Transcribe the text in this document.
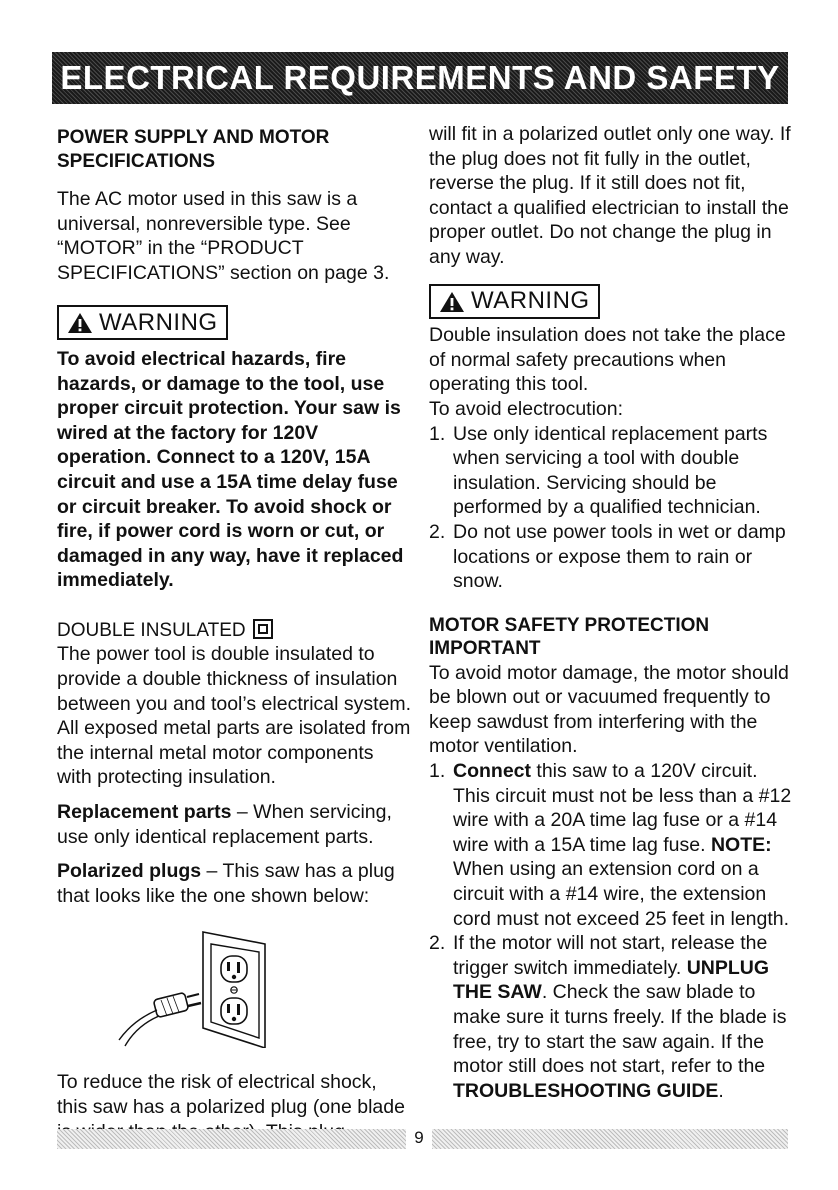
ELECTRICAL REQUIREMENTS AND SAFETY

POWER SUPPLY AND MOTOR SPECIFICATIONS

The AC motor used in this saw is a universal, nonreversible type. See “MOTOR” in the “PRODUCT SPECIFICATIONS” section on page 3.

WARNING

To avoid electrical hazards, fire hazards, or damage to the tool, use proper circuit protection. Your saw is wired at the factory for 120V operation. Connect to a 120V, 15A circuit and use a 15A time delay fuse or circuit breaker. To avoid shock or fire, if power cord is worn or cut, or damaged in any way, have it replaced immediately.

DOUBLE INSULATED

The power tool is double insulated to provide a double thickness of insulation between you and tool’s electrical system. All exposed metal parts are isolated from the internal metal motor components with protecting insulation.

Replacement parts – When servicing, use only identical replacement parts.

Polarized plugs – This saw has a plug that looks like the one shown below:

To reduce the risk of electrical shock, this saw has a polarized plug (one blade

will fit in a polarized outlet only one way. If the plug does not fit fully in the outlet, reverse the plug. If it still does not fit, contact a qualified electrician to install the proper outlet. Do not change the plug in any way.

WARNING

Double insulation does not take the place of normal safety precautions when operating this tool.

To avoid electrocution:

1. Use only identical replacement parts when servicing a tool with double insulation. Servicing should be performed by a qualified technician.
2. Do not use power tools in wet or damp locations or expose them to rain or snow.

MOTOR SAFETY PROTECTION IMPORTANT

To avoid motor damage, the motor should be blown out or vacuumed frequently to keep sawdust from interfering with the motor ventilation.

1. Connect this saw to a 120V circuit. This circuit must not be less than a #12 wire with a 20A time lag fuse or a #14 wire with a 15A time lag fuse. NOTE: When using an extension cord on a circuit with a #14 wire, the extension cord must not exceed 25 feet in length.
2. If the motor will not start, release the trigger switch immediately. UNPLUG THE SAW. Check the saw blade to make sure it turns freely. If the blade is free, try to start the saw again. If the motor still does not start, refer to the TROUBLESHOOTING GUIDE.
9
